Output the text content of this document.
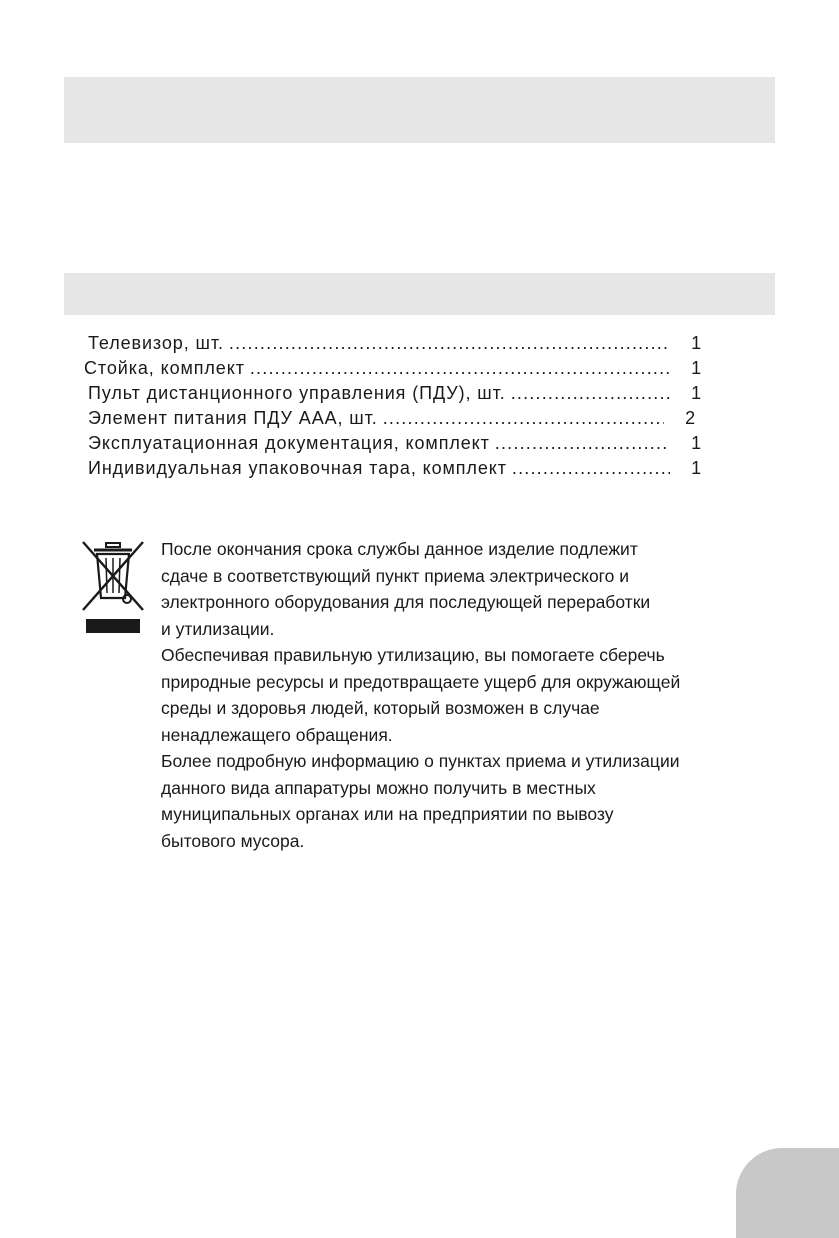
Телевизор, шт. .....	1
Стойка, комплект .....	1
Пульт дистанционного управления (ПДУ), шт. .....	1
Элемент питания ПДУ ААА, шт. .....	2
Эксплуатационная документация, комплект .....	1
Индивидуальная упаковочная тара, комплект .....	1

После окончания срока службы данное изделие подлежит

сдаче в соответствующий пункт приема электрического и

электронного оборудования для последующей переработки

и утилизации.

Обеспечивая правильную утилизацию, вы помогаете сберечь

природные ресурсы и предотвращаете ущерб для окружающей

среды и здоровья людей, который возможен в случае

ненадлежащего обращения.

Более подробную информацию о пунктах приема и утилизации

данного вида аппаратуры можно получить в местных

муниципальных органах или на предприятии по вывозу

бытового мусора.
